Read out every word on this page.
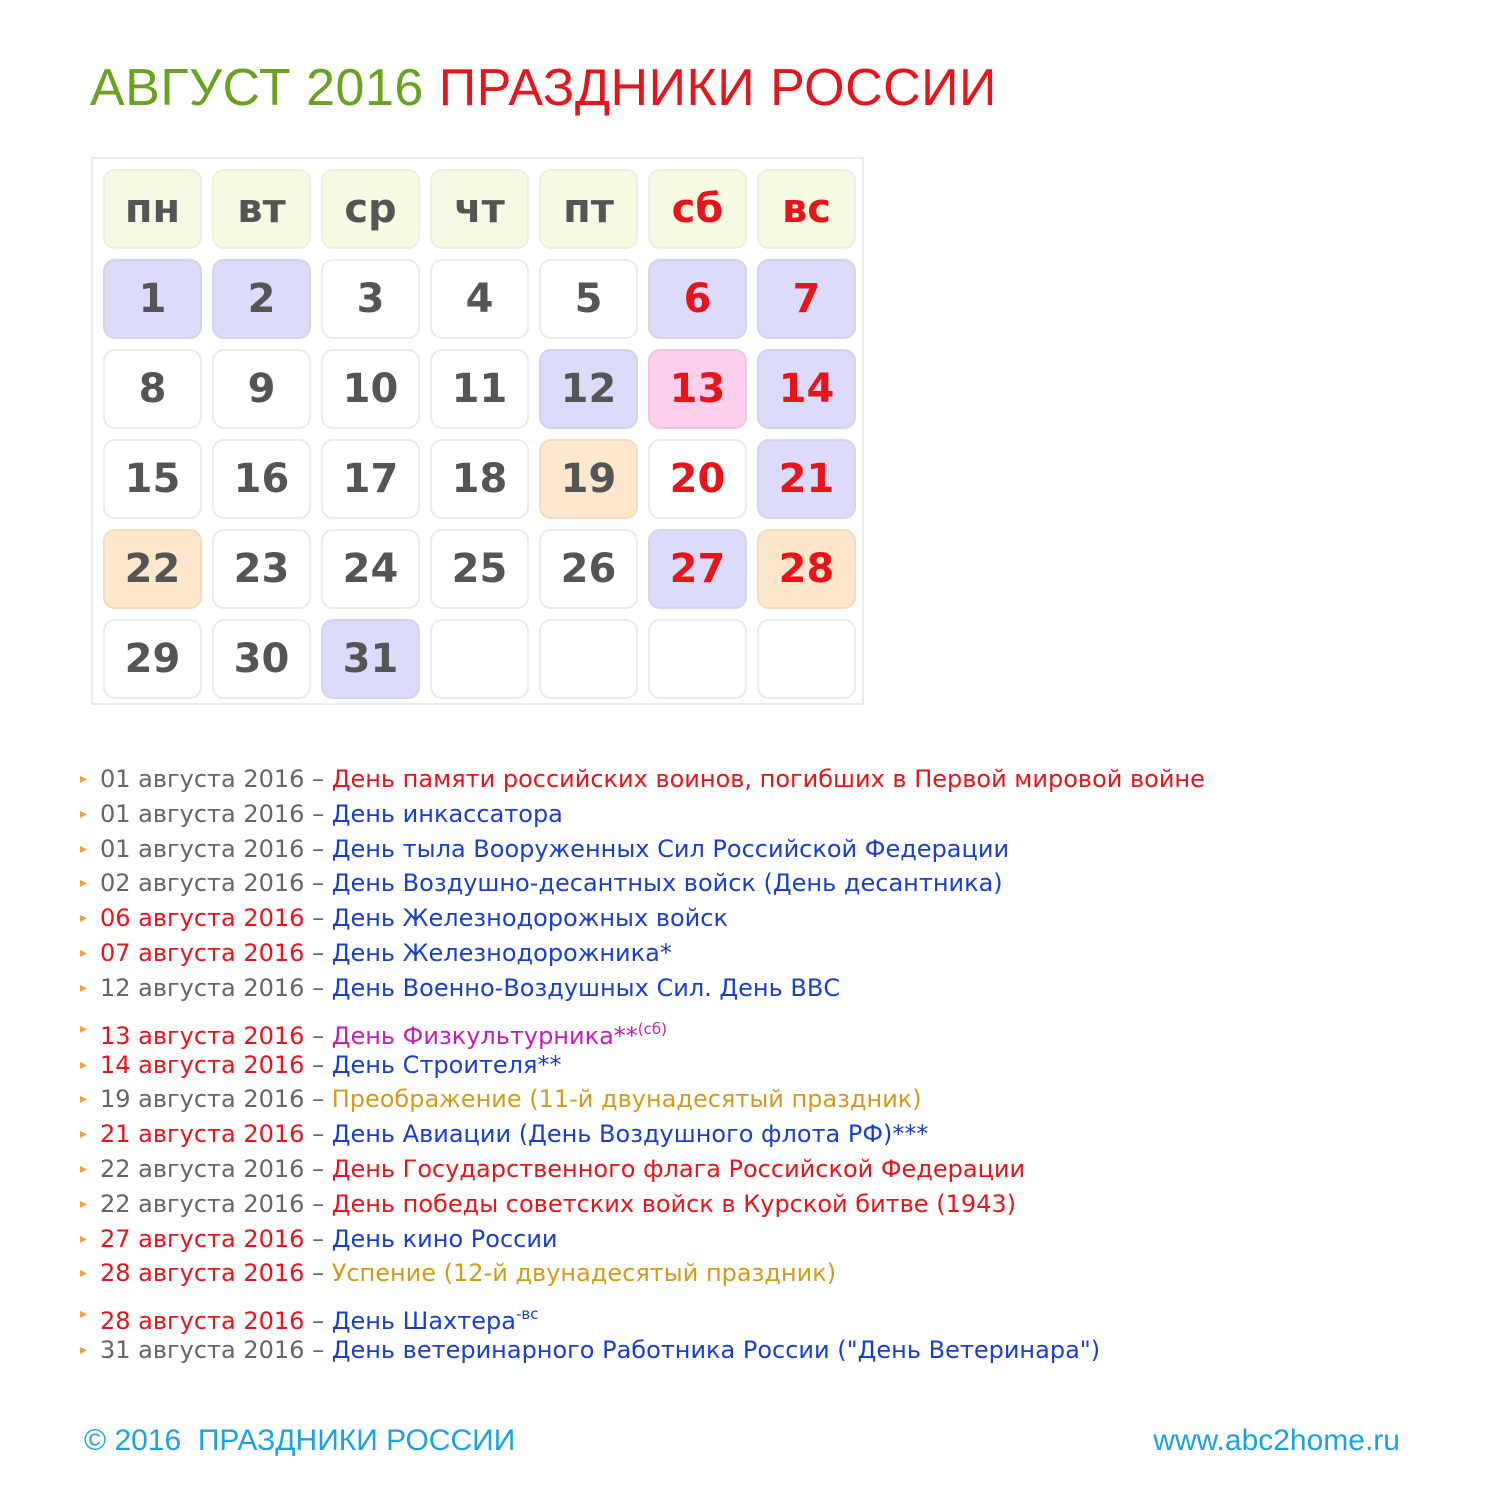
АВГУСТ 2016 ПРАЗДНИКИ РОССИИ
пн	вт	ср	чт	пт	сб	вс
1	2	3	4	5	6	7
8	9	10	11	12	13	14
15	16	17	18	19	20	21
22	23	24	25	26	27	28
29	30	31
▸ 01 августа 2016 – День памяти российских воинов, погибших в Первой мировой войне
▸ 01 августа 2016 – День инкассатора
▸ 01 августа 2016 – День тыла Вооруженных Сил Российской Федерации
▸ 02 августа 2016 – День Воздушно-десантных войск (День десантника)
▸ 06 августа 2016 – День Железнодорожных войск
▸ 07 августа 2016 – День Железнодорожника*
▸ 12 августа 2016 – День Военно-Воздушных Сил. День ВВС
▸ 13 августа 2016 – День Физкультурника**$^{(сб)}$
▸ 14 августа 2016 – День Строителя**
▸ 19 августа 2016 – Преображение (11-й двунадесятый праздник)
▸ 21 августа 2016 – День Авиации (День Воздушного флота РФ)***
▸ 22 августа 2016 – День Государственного флага Российской Федерации
▸ 22 августа 2016 – День победы советских войск в Курской битве (1943)
▸ 27 августа 2016 – День кино России
▸ 28 августа 2016 – Успение (12-й двунадесятый праздник)
▸ 28 августа 2016 – День Шахтера$^{-вс}$
▸ 31 августа 2016 – День ветеринарного Работника России ("День Ветеринара")
© 2016  ПРАЗДНИКИ РОССИИ	www.abc2home.ru
